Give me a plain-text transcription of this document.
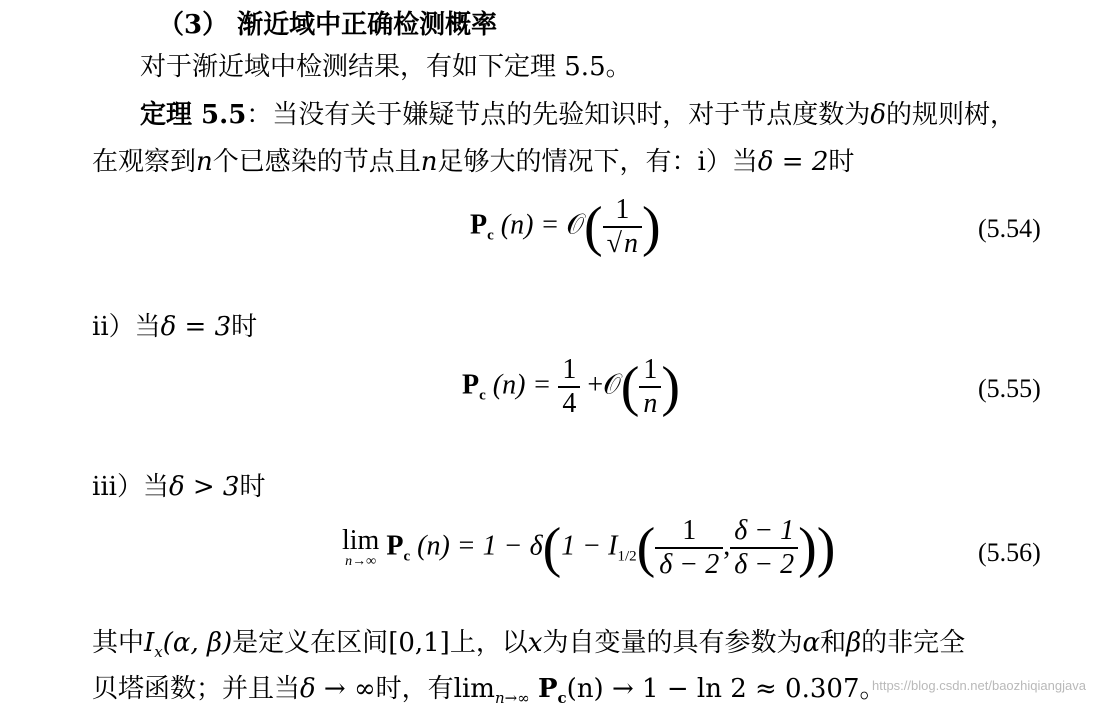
（3） 渐近域中正确检测概率
对于渐近域中检测结果，有如下定理 5.5。
定理 5.5：当没有关于嫌疑节点的先验知识时，对于节点度数为δ的规则树，
在观察到n个已感染的节点且n足够大的情况下，有：i）当δ = 2时
$P_c$ (n) = 𝒪( $\frac{1}{√n}$ )	(5.54)
ii）当δ = 3时
$P_c$ $(n) = \frac{1}{4}$ +𝒪( $\frac{1}{n}$ )	(5.55)
iii）当δ > 3时
lim
n→∞
$P_c$ $(n) = 1 - \delta(1 - I_{1/2}( \frac{1}{\delta - 2}$ , $\frac{\delta - 1}{\delta - 2}$ ))	(5.56)
其中$I_x(\alpha$, β)是定义在区间[0,1]上，以x为自变量的具有参数为α和β的非完全
贝塔函数；并且当δ → ∞时，有$\lim_{n\to\infty} P_c(n) \to 1 - \ln 2 \approx 0.307$。
https://blog.csdn.net/baozhiqiangjava
